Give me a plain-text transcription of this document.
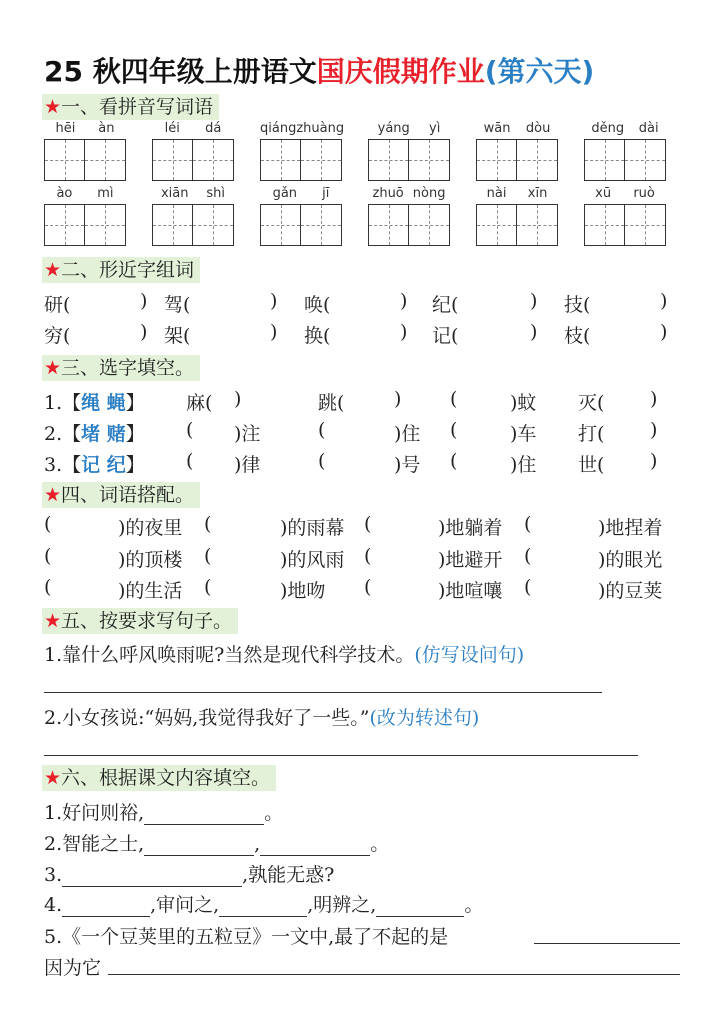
25 秋四年级上册语文国庆假期作业(第六天)
★一、看拼音写词语
hēi àn	léi dá	qiáng zhuàng	yáng yì	wān dòu	děng dài
ào mì	xiān shì	gǎn jī	zhuō nòng	nài xīn	xū ruò
★二、形近字组词
研(	) 驾(	) 唤(	) 纪(	) 技(	)
穷(	) 架(	) 换(	) 记(	) 枝(	)
★三、选字填空。
1.【绳 蝇】 麻( )	跳(	)	(	)蚊 灭( )
2.【堵 赌】 ( )注	(	)住 (	)车 打( )
3.【记 纪】 ( )律	(	)号 (	)住 世( )
★四、词语搭配。
(	)的夜里 (	)的雨幕 (	)地躺着 (	)地捏着
(	)的顶楼 (	)的风雨 (	)地避开 (	)的眼光
(	)的生活 (	)地吻 (	)地喧嚷 (	)的豆荚
★五、按要求写句子。
1.靠什么呼风唤雨呢?当然是现代科学技术。(仿写设问句)
2.小女孩说:“妈妈,我觉得我好了一些。”(改为转述句)
★六、根据课文内容填空。
1.好问则裕,	。
2.智能之士,	,	。
3.	,孰能无惑?
4.	,审问之,	,明辨之,	。
5.《一个豆荚里的五粒豆》一文中,最了不起的是
因为它
